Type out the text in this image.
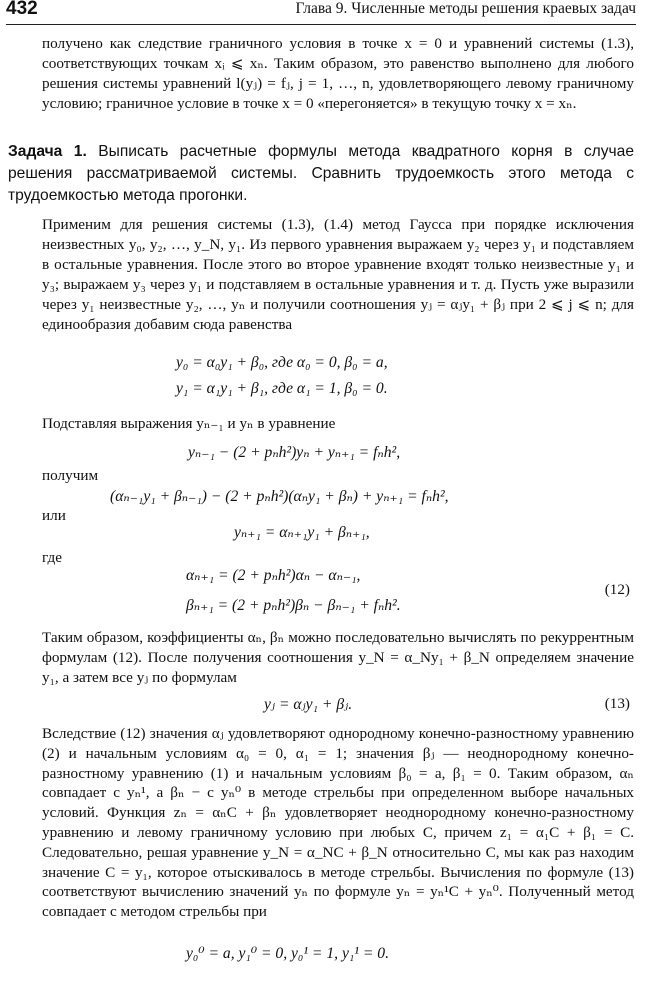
432	Глава 9. Численные методы решения краевых задач

получено как следствие граничного условия в точке x = 0 и уравнений системы (1.3), соответствующих точкам xᵢ ⩽ xₙ. Таким образом, это равенство выполнено для любого решения системы уравнений l(yⱼ) = fⱼ, j = 1, …, n, удовлетворяющего левому граничному условию; граничное условие в точке x = 0 «перегоняется» в текущую точку x = xₙ.

Задача 1. Выписать расчетные формулы метода квадратного корня в случае решения рассматриваемой системы. Сравнить трудоемкость этого метода с трудоемкостью метода прогонки.

Применим для решения системы (1.3), (1.4) метод Гаусса при порядке исключения неизвестных y₀, y₂, …, y_N, y₁. Из первого уравнения выражаем y₂ через y₁ и подставляем в остальные уравнения. После этого во второе уравнение входят только неизвестные y₁ и y₃; выражаем y₃ через y₁ и подставляем в остальные уравнения и т. д. Пусть уже выразили через y₁ неизвестные y₂, …, yₙ и получили соотношения yⱼ = αⱼy₁ + βⱼ при 2 ⩽ j ⩽ n; для единообразия добавим сюда равенства

y₀ = α₀y₁ + β₀, где α₀ = 0, β₀ = a,
y₁ = α₁y₁ + β₁, где α₁ = 1, β₀ = 0.

Подставляя выражения yₙ₋₁ и yₙ в уравнение

yₙ₋₁ − (2 + pₙh²)yₙ + yₙ₊₁ = fₙh²,
получим
(αₙ₋₁y₁ + βₙ₋₁) − (2 + pₙh²)(αₙy₁ + βₙ) + yₙ₊₁ = fₙh²,
или
yₙ₊₁ = αₙ₊₁y₁ + βₙ₊₁,
где
αₙ₊₁ = (2 + pₙh²)αₙ − αₙ₋₁,
βₙ₊₁ = (2 + pₙh²)βₙ − βₙ₋₁ + fₙh².
(12)

Таким образом, коэффициенты αₙ, βₙ можно последовательно вычислять по рекуррентным формулам (12). После получения соотношения y_N = α_Ny₁ + β_N определяем значение y₁, а затем все yⱼ по формулам

yⱼ = αⱼy₁ + βⱼ.	(13)

Вследствие (12) значения αⱼ удовлетворяют однородному конечно-разностному уравнению (2) и начальным условиям α₀ = 0, α₁ = 1; значения βⱼ — неоднородному конечно-разностному уравнению (1) и начальным условиям β₀ = a, β₁ = 0. Таким образом, αₙ совпадает с yₙ¹, а βₙ − с yₙ⁰ в методе стрельбы при определенном выборе начальных условий. Функция zₙ = αₙC + βₙ удовлетворяет неоднородному конечно-разностному уравнению и левому граничному условию при любых C, причем z₁ = α₁C + β₁ = C. Следовательно, решая уравнение y_N = α_NC + β_N относительно C, мы как раз находим значение C = y₁, которое отыскивалось в методе стрельбы. Вычисления по формуле (13) соответствуют вычислению значений yₙ по формуле yₙ = yₙ¹C + yₙ⁰. Полученный метод совпадает с методом стрельбы при

y₀⁰ = a, y₁⁰ = 0, y₀¹ = 1, y₁¹ = 0.
